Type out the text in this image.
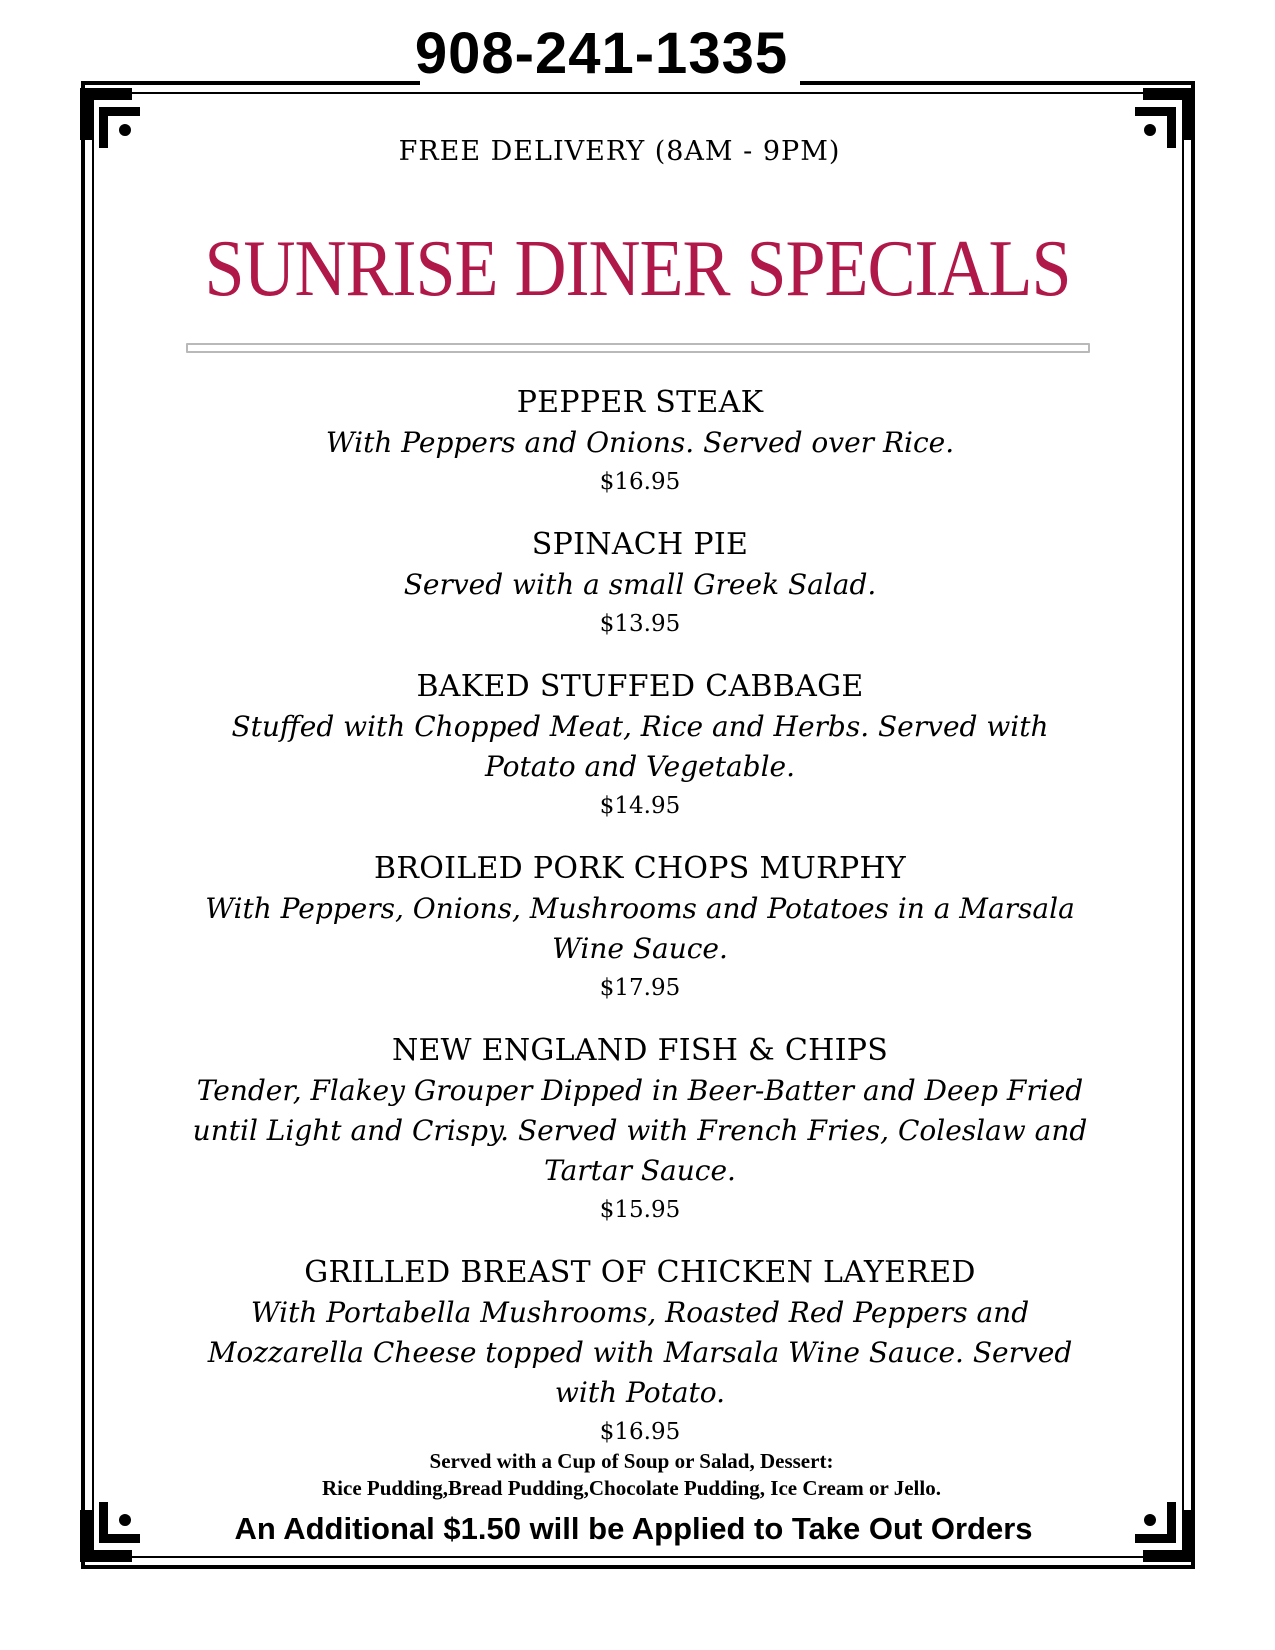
908-241-1335
FREE DELIVERY (8AM - 9PM)
SUNRISE DINER SPECIALS
PEPPER STEAK
With Peppers and Onions. Served over Rice.
$16.95
SPINACH PIE
Served with a small Greek Salad.
$13.95
BAKED STUFFED CABBAGE
Stuffed with Chopped Meat, Rice and Herbs. Served with Potato and Vegetable.
$14.95
BROILED PORK CHOPS MURPHY
With Peppers, Onions, Mushrooms and Potatoes in a Marsala Wine Sauce.
$17.95
NEW ENGLAND FISH & CHIPS
Tender, Flakey Grouper Dipped in Beer-Batter and Deep Fried until Light and Crispy. Served with French Fries, Coleslaw and Tartar Sauce.
$15.95
GRILLED BREAST OF CHICKEN LAYERED
With Portabella Mushrooms, Roasted Red Peppers and Mozzarella Cheese topped with Marsala Wine Sauce. Served with Potato.
$16.95
Served with a Cup of Soup or Salad, Dessert:
Rice Pudding,Bread Pudding,Chocolate Pudding, Ice Cream or Jello.
An Additional $1.50 will be Applied to Take Out Orders
